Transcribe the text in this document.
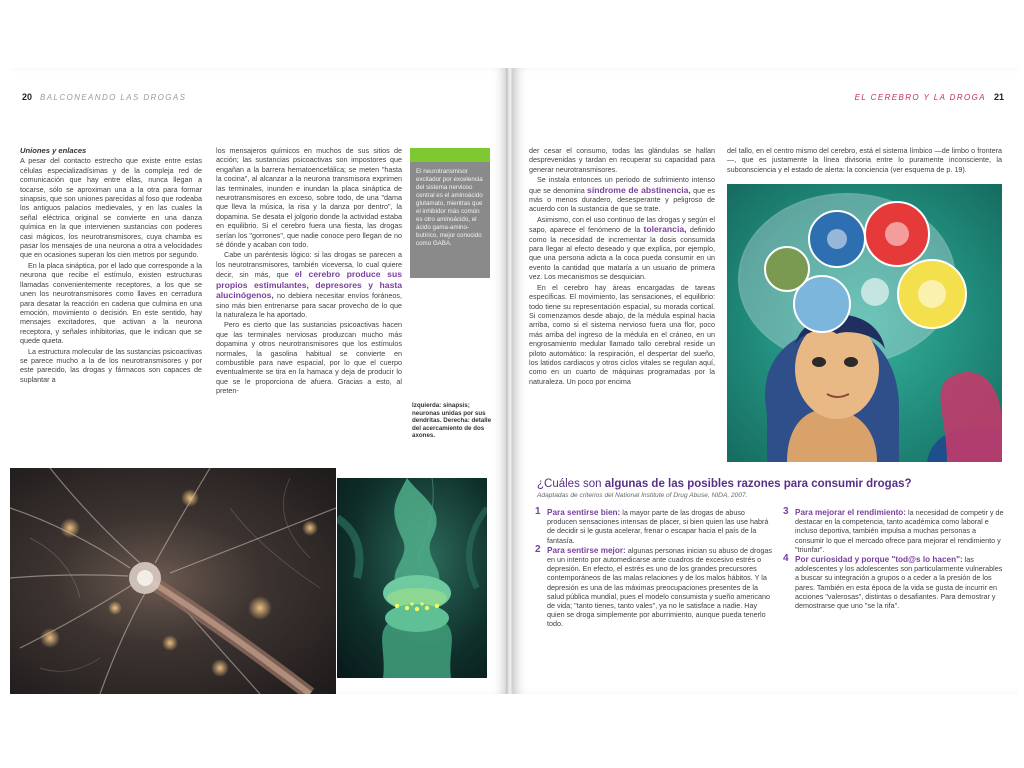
20 BALCONEANDO LAS DROGAS
Uniones y enlaces

A pesar del contacto estrecho que existe entre estas células especializadísimas y de la compleja red de comunicación que hay entre ellas, nunca llegan a tocarse, sólo se aproximan una a la otra para formar sinapsis, que son uniones parecidas al foso que rodeaba los antiguos palacios medievales, y en las cuales la señal eléctrica original se convierte en una danza química en la que intervienen sustancias con poderes casi mágicos, los neurotransmisores, cuya chamba es pasar los mensajes de una neurona a otra a velocidades que en ocasiones superan los cien metros por segundo.

En la placa sináptica, por el lado que corresponde a la neurona que recibe el estímulo, existen estructuras llamadas convenientemente receptores, a los que se unen los neurotransmisores como llaves en cerradura para desatar la reacción en cadena que culmina en una emoción, movimiento o decisión. En este sentido, hay mensajes excitadores, que activan a la neurona receptora, y señales inhibitorias, que le indican que se quede quieta.

La estructura molecular de las sustancias psicoactivas se parece mucho a la de los neurotransmisores y por este parecido, las drogas y fármacos son capaces de suplantar a

los mensajeros químicos en muchos de sus sitios de acción; las sustancias psicoactivas son impostores que engañan a la barrera hematoencefálica; se meten "hasta la cocina", al alcanzar a la neurona transmisora exprimen las terminales, inunden e inundan la placa sináptica de neurotransmisores en exceso, sobre todo, de una "dama que lleva la música, la risa y la danza por dentro", la dopamina. Se desata el jolgorio donde la actividad estaba en equilibrio. Si el cerebro fuera una fiesta, las drogas serían los "gorrones", que nadie conoce pero llegan de no sé dónde y acaban con todo.

Cabe un paréntesis lógico: si las drogas se parecen a los neurotransmisores, también viceversa, lo cual quiere decir, sin más, que el cerebro produce sus propios estimulantes, depresores y hasta alucinógenos, no debiera necesitar envíos foráneos, sino más bien entrenarse para sacar provecho de lo que la naturaleza le ha aportado.

Pero es cierto que las sustancias psicoactivas hacen que las terminales nerviosas produzcan mucho más dopamina y otros neurotransmisores que los estímulos normales, la gasolina habitual se convierte en combustible para nave espacial, por lo que el cuerpo eventualmente se tira en la hamaca y deja de producir lo que se le proporciona de afuera. Gracias a esto, al preten-

El neurotransmisor excitador por excelencia del sistema nervioso central es el aminoácido glutamato, mientras que el inhibidor más común es otro aminoácido, el ácido gama-amino-butírico, mejor conocido como GABA.
Izquierda: sinapsis; neuronas unidas por sus dendritas. Derecha: detalle del acercamiento de dos axones.
EL CEREBRO Y LA DROGA 21

der cesar el consumo, todas las glándulas se hallan desprevenidas y tardan en recuperar su capacidad para generar neurotransmisores.

Se instala entonces un periodo de sufrimiento intenso que se denomina síndrome de abstinencia, que es más o menos duradero, desesperante y peligroso de acuerdo con la sustancia de que se trate.

Asimismo, con el uso continuo de las drogas y según el sapo, aparece el fenómeno de la tolerancia, definido como la necesidad de incrementar la dosis consumida para llegar al efecto deseado y que explica, por ejemplo, que una persona adicta a la coca pueda consumir en un evento la cantidad que mataría a un usuario de primera vez. Los mecanismos se desquician.

En el cerebro hay áreas encargadas de tareas específicas. El movimiento, las sensaciones, el equilibrio: todo tiene su representación espacial, su morada cortical. Si comenzamos desde abajo, de la médula espinal hacia arriba, como si el sistema nervioso fuera una flor, poco más arriba del ingreso de la médula en el cráneo, en un engrosamiento medular llamado tallo cerebral reside un piloto automático: la respiración, el despertar del sueño, los latidos cardiacos y otros ciclos vitales se regulan aquí, como en un cuarto de máquinas programadas por la naturaleza. Un poco por encima

del tallo, en el centro mismo del cerebro, está el sistema límbico —de limbo o frontera—, que es justamente la línea divisoria entre lo puramente inconsciente, la subconsciencia y el estado de alerta: la conciencia (ver esquema de p. 19).

¿Cuáles son algunas de las posibles razones para consumir drogas?
Adaptadas de criterios del National Institute of Drug Abuse, NIDA, 2007.
1 Para sentirse bien: la mayor parte de las drogas de abuso producen sensaciones intensas de placer, si bien quien las use habrá de decidir si le gusta acelerar, frenar o escapar hacia el país de la fantasía.
2 Para sentirse mejor: algunas personas inician su abuso de drogas en un intento por automedicarse ante cuadros de excesivo estrés o depresión. En efecto, el estrés es uno de los grandes precursores contemporáneos de las malas relaciones y de los malos hábitos. Y la depresión es una de las máximas preocupaciones presentes de la salud pública mundial, pues el modelo consumista y sueño americano de vida; "tanto tienes, tanto vales", ya no le satisface a nadie. Hay quien se droga simplemente por aburrimiento, aunque pueda tenerlo todo.
3 Para mejorar el rendimiento: la necesidad de competir y de destacar en la competencia, tanto académica como laboral e incluso deportiva, también impulsa a muchas personas a consumir lo que el mercado ofrece para mejorar el rendimiento y "triunfar".
4 Por curiosidad y porque "tod@s lo hacen": las adolescentes y los adolescentes son particularmente vulnerables a buscar su integración a grupos o a ceder a la presión de los pares. También en esta época de la vida se gusta de incurrir en acciones "valerosas", distintas o desafiantes. Para demostrar y demostrarse que uno "se la rifa".
